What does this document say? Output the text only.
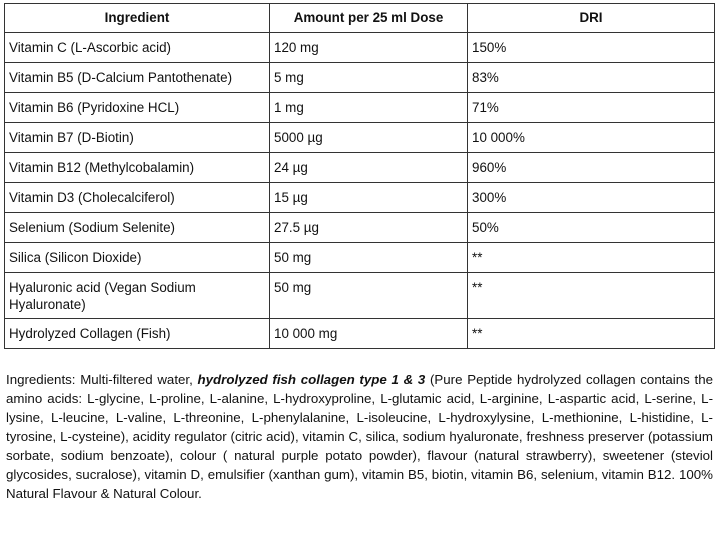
Ingredient	Amount per 25 ml Dose	DRI
Vitamin C (L-Ascorbic acid)	120 mg	150%
Vitamin B5 (D-Calcium Pantothenate)	5 mg	83%
Vitamin B6 (Pyridoxine HCL)	1 mg	71%
Vitamin B7 (D-Biotin)	5000 µg	10 000%
Vitamin B12 (Methylcobalamin)	24 µg	960%
Vitamin D3 (Cholecalciferol)	15 µg	300%
Selenium (Sodium Selenite)	27.5 µg	50%
Silica (Silicon Dioxide)	50 mg	**
Hyaluronic acid (Vegan Sodium Hyaluronate)	50 mg	**
Hydrolyzed Collagen (Fish)	10 000 mg	**

Ingredients: Multi-filtered water, hydrolyzed fish collagen type 1 & 3 (Pure Peptide hydrolyzed collagen contains the amino acids: L-glycine, L-proline, L-alanine, L-hydroxyproline, L-glutamic acid, L-arginine, L-aspartic acid, L-serine, L-lysine, L-leucine, L-valine, L-threonine, L-phenylalanine, L-isoleucine, L-hydroxylysine, L-methionine, L-histidine, L-tyrosine, L-cysteine), acidity regulator (citric acid), vitamin C, silica, sodium hyaluronate, freshness preserver (potassium sorbate, sodium benzoate), colour ( natural purple potato powder), flavour (natural strawberry), sweetener (steviol glycosides, sucralose), vitamin D, emulsifier (xanthan gum), vitamin B5, biotin, vitamin B6, selenium, vitamin B12. 100% Natural Flavour & Natural Colour.
